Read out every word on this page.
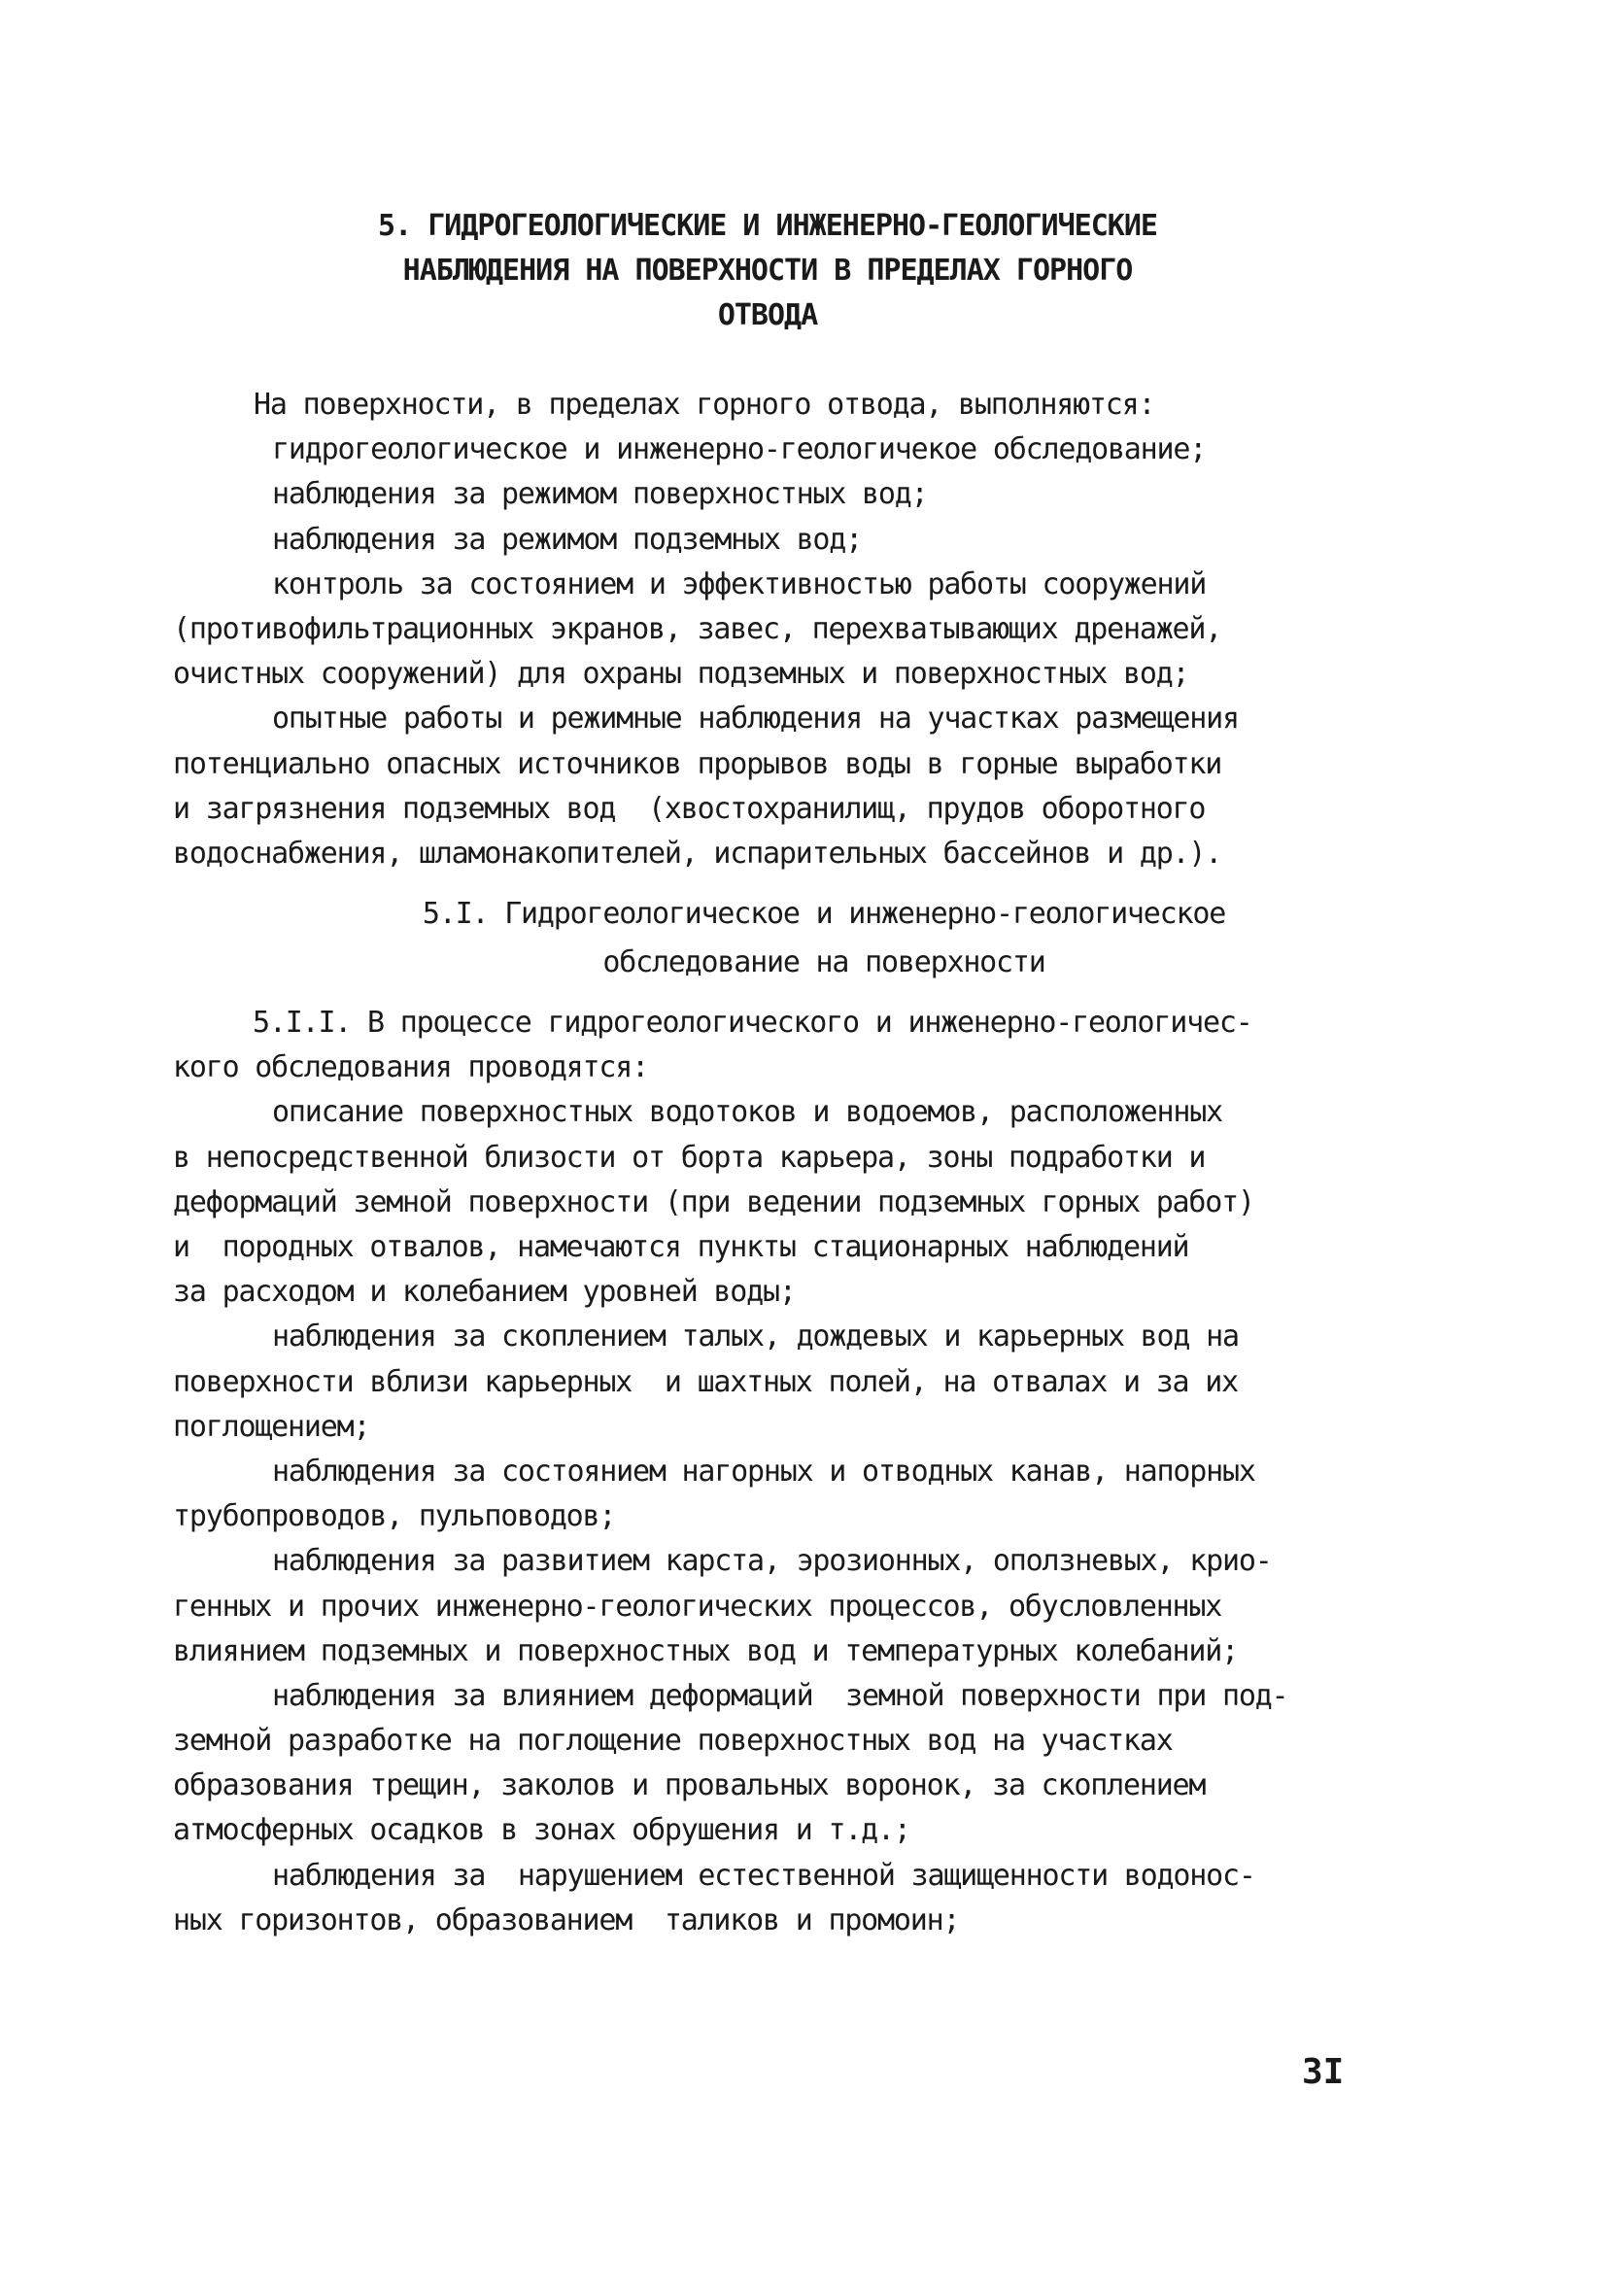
5. ГИДРОГЕОЛОГИЧЕСКИЕ И ИНЖЕНЕРНО-ГЕОЛОГИЧЕСКИЕ
НАБЛЮДЕНИЯ НА ПОВЕРХНОСТИ В ПРЕДЕЛАХ ГОРНОГО
ОТВОДА
На поверхности, в пределах горного отвода, выполняются:
гидрогеологическое и инженерно-геологичекое обследование;
наблюдения за режимом поверхностных вод;
наблюдения за режимом подземных вод;
контроль за состоянием и эффективностью работы сооружений
(противофильтрационных экранов, завес, перехватывающих дренажей,
очистных сооружений) для охраны подземных и поверхностных вод;
опытные работы и режимные наблюдения на участках размещения
потенциально опасных источников прорывов воды в горные выработки
и загрязнения подземных вод  (хвостохранилищ, прудов оборотного
водоснабжения, шламонакопителей, испарительных бассейнов и др.).
5.I. Гидрогеологическое и инженерно-геологическое
обследование на поверхности
5.I.I. В процессе гидрогеологического и инженерно-геологичес-
кого обследования проводятся:
описание поверхностных водотоков и водоемов, расположенных
в непосредственной близости от борта карьера, зоны подработки и
деформаций земной поверхности (при ведении подземных горных работ)
и  породных отвалов, намечаются пункты стационарных наблюдений
за расходом и колебанием уровней воды;
наблюдения за скоплением талых, дождевых и карьерных вод на
поверхности вблизи карьерных  и шахтных полей, на отвалах и за их
поглощением;
наблюдения за состоянием нагорных и отводных канав, напорных
трубопроводов, пульповодов;
наблюдения за развитием карста, эрозионных, оползневых, крио-
генных и прочих инженерно-геологических процессов, обусловленных
влиянием подземных и поверхностных вод и температурных колебаний;
наблюдения за влиянием деформаций  земной поверхности при под-
земной разработке на поглощение поверхностных вод на участках
образования трещин, заколов и провальных воронок, за скоплением
атмосферных осадков в зонах обрушения и т.д.;
наблюдения за  нарушением естественной защищенности водонос-
ных горизонтов, образованием  таликов и промоин;
3I
